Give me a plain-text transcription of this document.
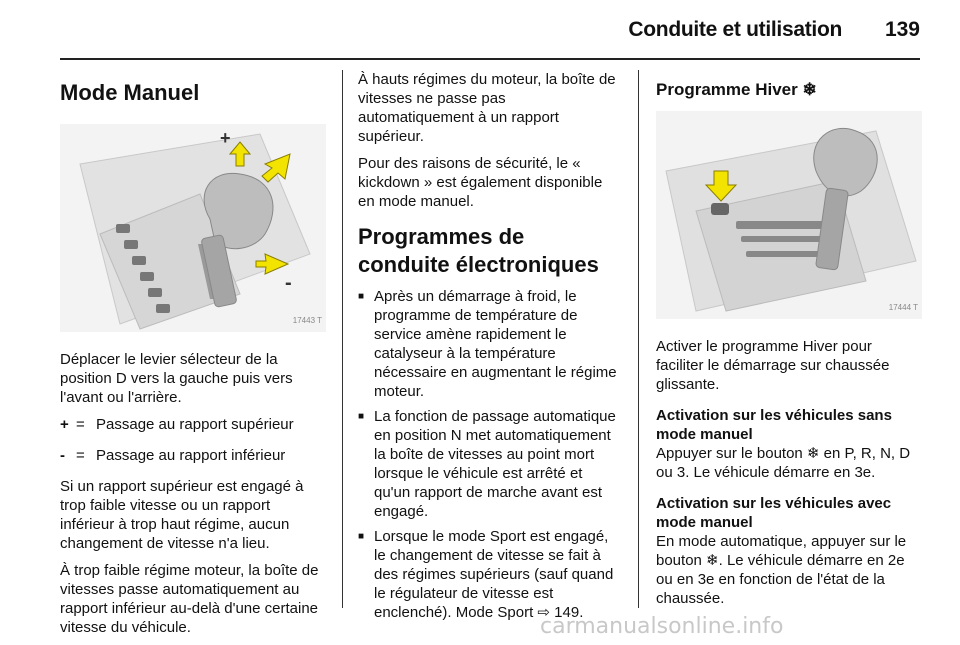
Conduite et utilisation 139
Mode Manuel
+
-
17443 T

Déplacer le levier sélecteur de la position D vers la gauche puis vers l'avant ou l'arrière.

+ = Passage au rapport supérieur
- = Passage au rapport inférieur

Si un rapport supérieur est engagé à trop faible vitesse ou un rapport inférieur à trop haut régime, aucun changement de vitesse n'a lieu.

À trop faible régime moteur, la boîte de vitesses passe automatiquement au rapport inférieur au-delà d'une certaine vitesse du véhicule.

À hauts régimes du moteur, la boîte de vitesses ne passe pas automatiquement à un rapport supérieur.

Pour des raisons de sécurité, le « kickdown » est également disponible en mode manuel.

Programmes de conduite électroniques
■ Après un démarrage à froid, le programme de température de service amène rapidement le catalyseur à la température nécessaire en augmentant le régime moteur.
■ La fonction de passage automatique en position N met automatiquement la boîte de vitesses au point mort lorsque le véhicule est arrêté et qu'un rapport de marche avant est engagé.
■ Lorsque le mode Sport est engagé, le changement de vitesse se fait à des régimes supérieurs (sauf quand le régulateur de vitesse est enclenché). Mode Sport ⇨ 149.
Programme Hiver ❄
17444 T

Activer le programme Hiver pour faciliter le démarrage sur chaussée glissante.

Activation sur les véhicules sans mode manuel

Appuyer sur le bouton ❄ en P, R, N, D ou 3. Le véhicule démarre en 3e.

Activation sur les véhicules avec mode manuel

En mode automatique, appuyer sur le bouton ❄. Le véhicule démarre en 2e ou en 3e en fonction de l'état de la chaussée.

carmanualsonline.info
